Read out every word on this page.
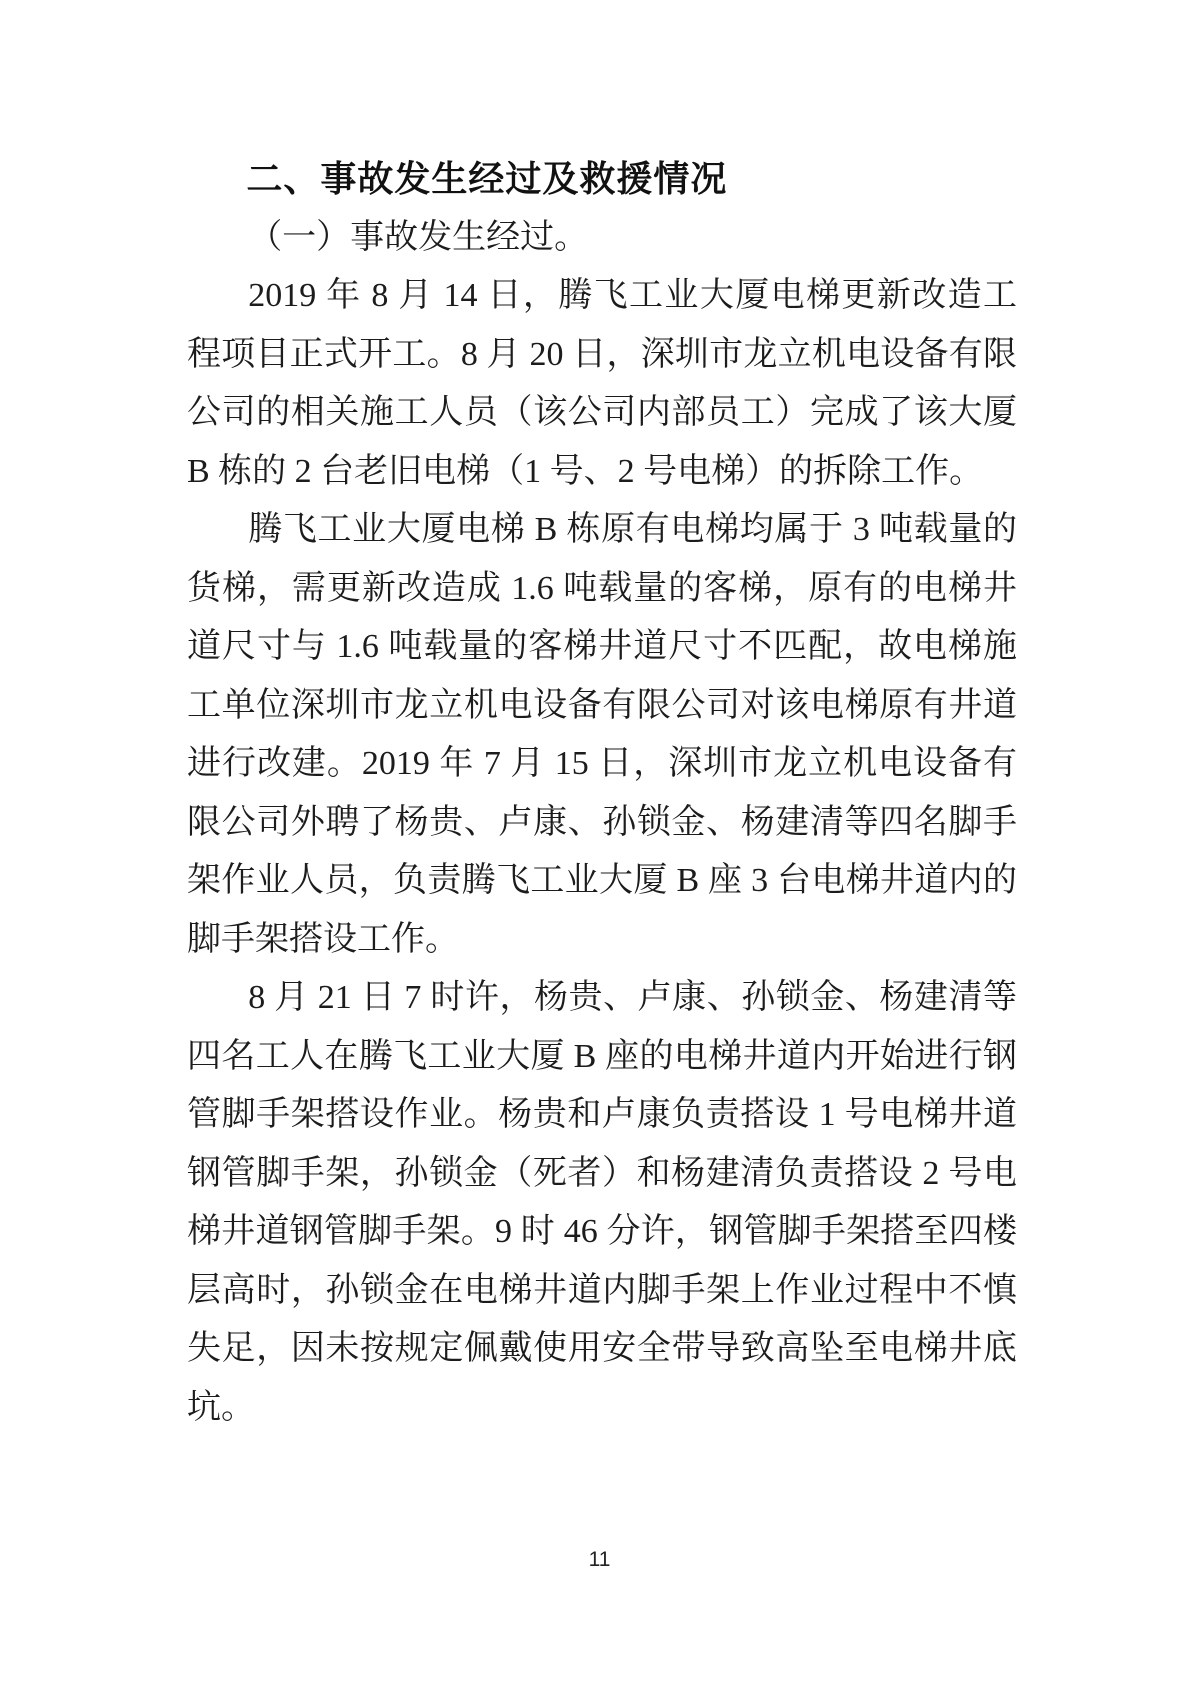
二、事故发生经过及救援情况

（一）事故发生经过。

2019 年 8 月 14 日，腾飞工业大厦电梯更新改造工程项目正式开工。8 月 20 日，深圳市龙立机电设备有限公司的相关施工人员（该公司内部员工）完成了该大厦 B 栋的 2 台老旧电梯（1 号、2 号电梯）的拆除工作。

腾飞工业大厦电梯 B 栋原有电梯均属于 3 吨载量的货梯，需更新改造成 1.6 吨载量的客梯，原有的电梯井道尺寸与 1.6 吨载量的客梯井道尺寸不匹配，故电梯施工单位深圳市龙立机电设备有限公司对该电梯原有井道进行改建。2019 年 7 月 15 日，深圳市龙立机电设备有限公司外聘了杨贵、卢康、孙锁金、杨建清等四名脚手架作业人员，负责腾飞工业大厦 B 座 3 台电梯井道内的脚手架搭设工作。

8 月 21 日 7 时许，杨贵、卢康、孙锁金、杨建清等四名工人在腾飞工业大厦 B 座的电梯井道内开始进行钢管脚手架搭设作业。杨贵和卢康负责搭设 1 号电梯井道钢管脚手架，孙锁金（死者）和杨建清负责搭设 2 号电梯井道钢管脚手架。9 时 46 分许，钢管脚手架搭至四楼层高时，孙锁金在电梯井道内脚手架上作业过程中不慎失足，因未按规定佩戴使用安全带导致高坠至电梯井底坑。

11
